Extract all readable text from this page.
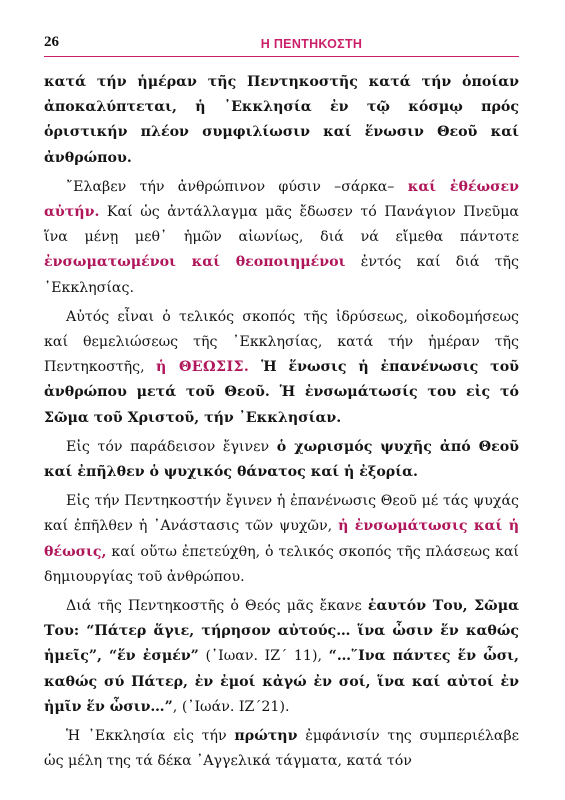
26	Η ΠΕΝΤΗΚΟΣΤΗ

κατά τήν ἡμέραν τῆς Πεντηκοστῆς κατά τήν ὁποίαν ἀποκαλύπτεται, ἡ ᾿Εκκλησία ἐν τῷ κόσμῳ πρός ὁριστικήν πλέον συμφιλίωσιν καί ἕνωσιν Θεοῦ καί ἀνθρώπου.

῎Ελαβεν τήν ἀνθρώπινον φύσιν –σάρκα– καί ἐθέωσεν αὐτήν. Καί ὡς ἀντάλλαγμα μᾶς ἔδωσεν τό Πανάγιον Πνεῦμα ἵνα μένῃ μεθ᾿ ἡμῶν αἰωνίως, διά νά εἴμεθα πάντοτε ἐνσωματωμένοι καί θεοποιημένοι ἐντός καί διά τῆς ᾿Εκκλησίας.

Αὐτός εἶναι ὁ τελικός σκοπός τῆς ἱδρύσεως, οἰκοδομήσεως καί θεμελιώσεως τῆς ᾿Εκκλησίας, κατά τήν ἡμέραν τῆς Πεντηκοστῆς, ἡ ΘΕΩΣΙΣ. Ἡ ἕνωσις ἡ ἐπανένωσις τοῦ ἀνθρώπου μετά τοῦ Θεοῦ. Ἡ ἐνσωμάτωσίς του εἰς τό Σῶμα τοῦ Χριστοῦ, τήν ᾿Εκκλησίαν.

Εἰς τόν παράδεισον ἔγινεν ὁ χωρισμός ψυχῆς ἀπό Θεοῦ καί ἐπῆλθεν ὁ ψυχικός θάνατος καί ἡ ἐξορία.

Εἰς τήν Πεντηκοστήν ἔγινεν ἡ ἐπανένωσις Θεοῦ μέ τάς ψυχάς καί ἐπῆλθεν ἡ ᾿Ανάστασις τῶν ψυχῶν, ἡ ἐνσωμάτωσις καί ἡ θέωσις, καί οὕτω ἐπετεύχθη, ὁ τελικός σκοπός τῆς πλάσεως καί δημιουργίας τοῦ ἀνθρώπου.

Διά τῆς Πεντηκοστῆς ὁ Θεός μᾶς ἔκανε ἑαυτόν Του, Σῶμα Του: “Πάτερ ἅγιε, τήρησον αὐτούς… ἵνα ὦσιν ἕν καθώς ἡμεῖς”, “ἕν ἐσμέν” (᾿Ιωαν. ΙΖ΄ 11), “…῞Ινα πάντες ἕν ὦσι, καθώς σύ Πάτερ, ἐν ἐμοί κἀγώ ἐν σοί, ἵνα καί αὐτοί ἐν ἡμῖν ἕν ὦσιν…”, (᾿Ιωάν. ΙΖ΄21).

Ἡ ᾿Εκκλησία εἰς τήν πρώτην ἐμφάνισίν της συμπεριέλαβε ὡς μέλη της τά δέκα ᾿Αγγελικά τάγματα, κατά τόν
